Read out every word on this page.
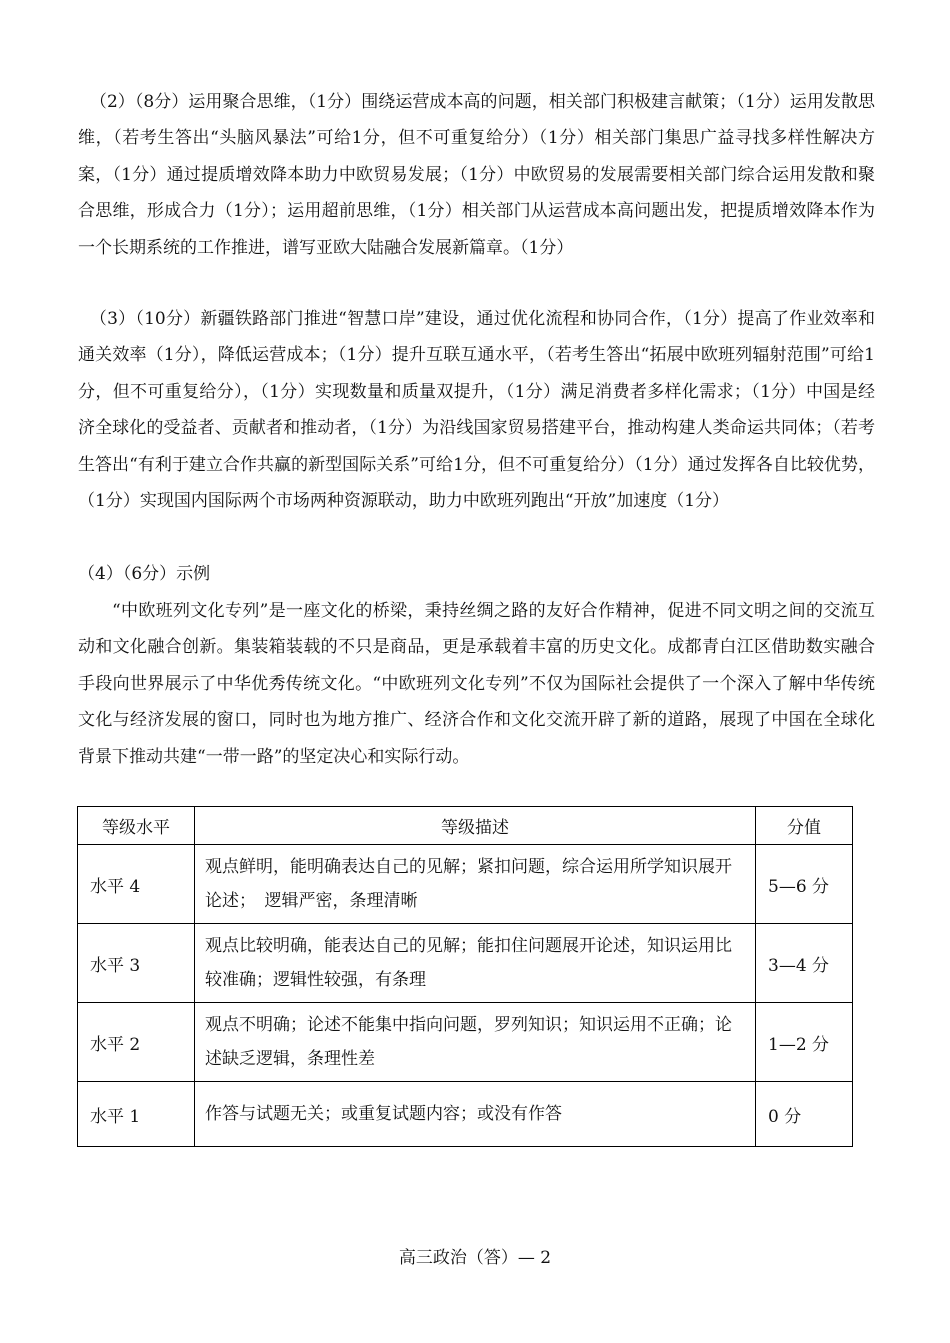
（2）（8分）运用聚合思维，（1分）围绕运营成本高的问题，相关部门积极建言献策；（1分）运用发散思维，（若考生答出“头脑风暴法”可给1分，但不可重复给分）（1分）相关部门集思广益寻找多样性解决方案，（1分）通过提质增效降本助力中欧贸易发展；（1分）中欧贸易的发展需要相关部门综合运用发散和聚合思维，形成合力（1分）；运用超前思维，（1分）相关部门从运营成本高问题出发，把提质增效降本作为一个长期系统的工作推进，谱写亚欧大陆融合发展新篇章。（1分）

（3）（10分）新疆铁路部门推进“智慧口岸”建设，通过优化流程和协同合作，（1分）提高了作业效率和通关效率（1分），降低运营成本；（1分）提升互联互通水平，（若考生答出“拓展中欧班列辐射范围”可给1分，但不可重复给分），（1分）实现数量和质量双提升，（1分）满足消费者多样化需求；（1分）中国是经济全球化的受益者、贡献者和推动者，（1分）为沿线国家贸易搭建平台，推动构建人类命运共同体；（若考生答出“有利于建立合作共赢的新型国际关系”可给1分，但不可重复给分）（1分）通过发挥各自比较优势，（1分）实现国内国际两个市场两种资源联动，助力中欧班列跑出“开放”加速度（1分）

（4）（6分）示例

“中欧班列文化专列”是一座文化的桥梁，秉持丝绸之路的友好合作精神，促进不同文明之间的交流互动和文化融合创新。集装箱装载的不只是商品，更是承载着丰富的历史文化。成都青白江区借助数实融合手段向世界展示了中华优秀传统文化。“中欧班列文化专列”不仅为国际社会提供了一个深入了解中华传统文化与经济发展的窗口，同时也为地方推广、经济合作和文化交流开辟了新的道路，展现了中国在全球化背景下推动共建“一带一路”的坚定决心和实际行动。

等级水平	等级描述	分值
水平 4	观点鲜明，能明确表达自己的见解；紧扣问题，综合运用所学知识展开论述；　逻辑严密，条理清晰	5—6 分
水平 3	观点比较明确，能表达自己的见解；能扣住问题展开论述，知识运用比较准确；逻辑性较强，有条理	3—4 分
水平 2	观点不明确；论述不能集中指向问题，罗列知识；知识运用不正确；论述缺乏逻辑，条理性差	1—2 分
水平 1	作答与试题无关；或重复试题内容；或没有作答	0 分
高三政治（答）— 2
